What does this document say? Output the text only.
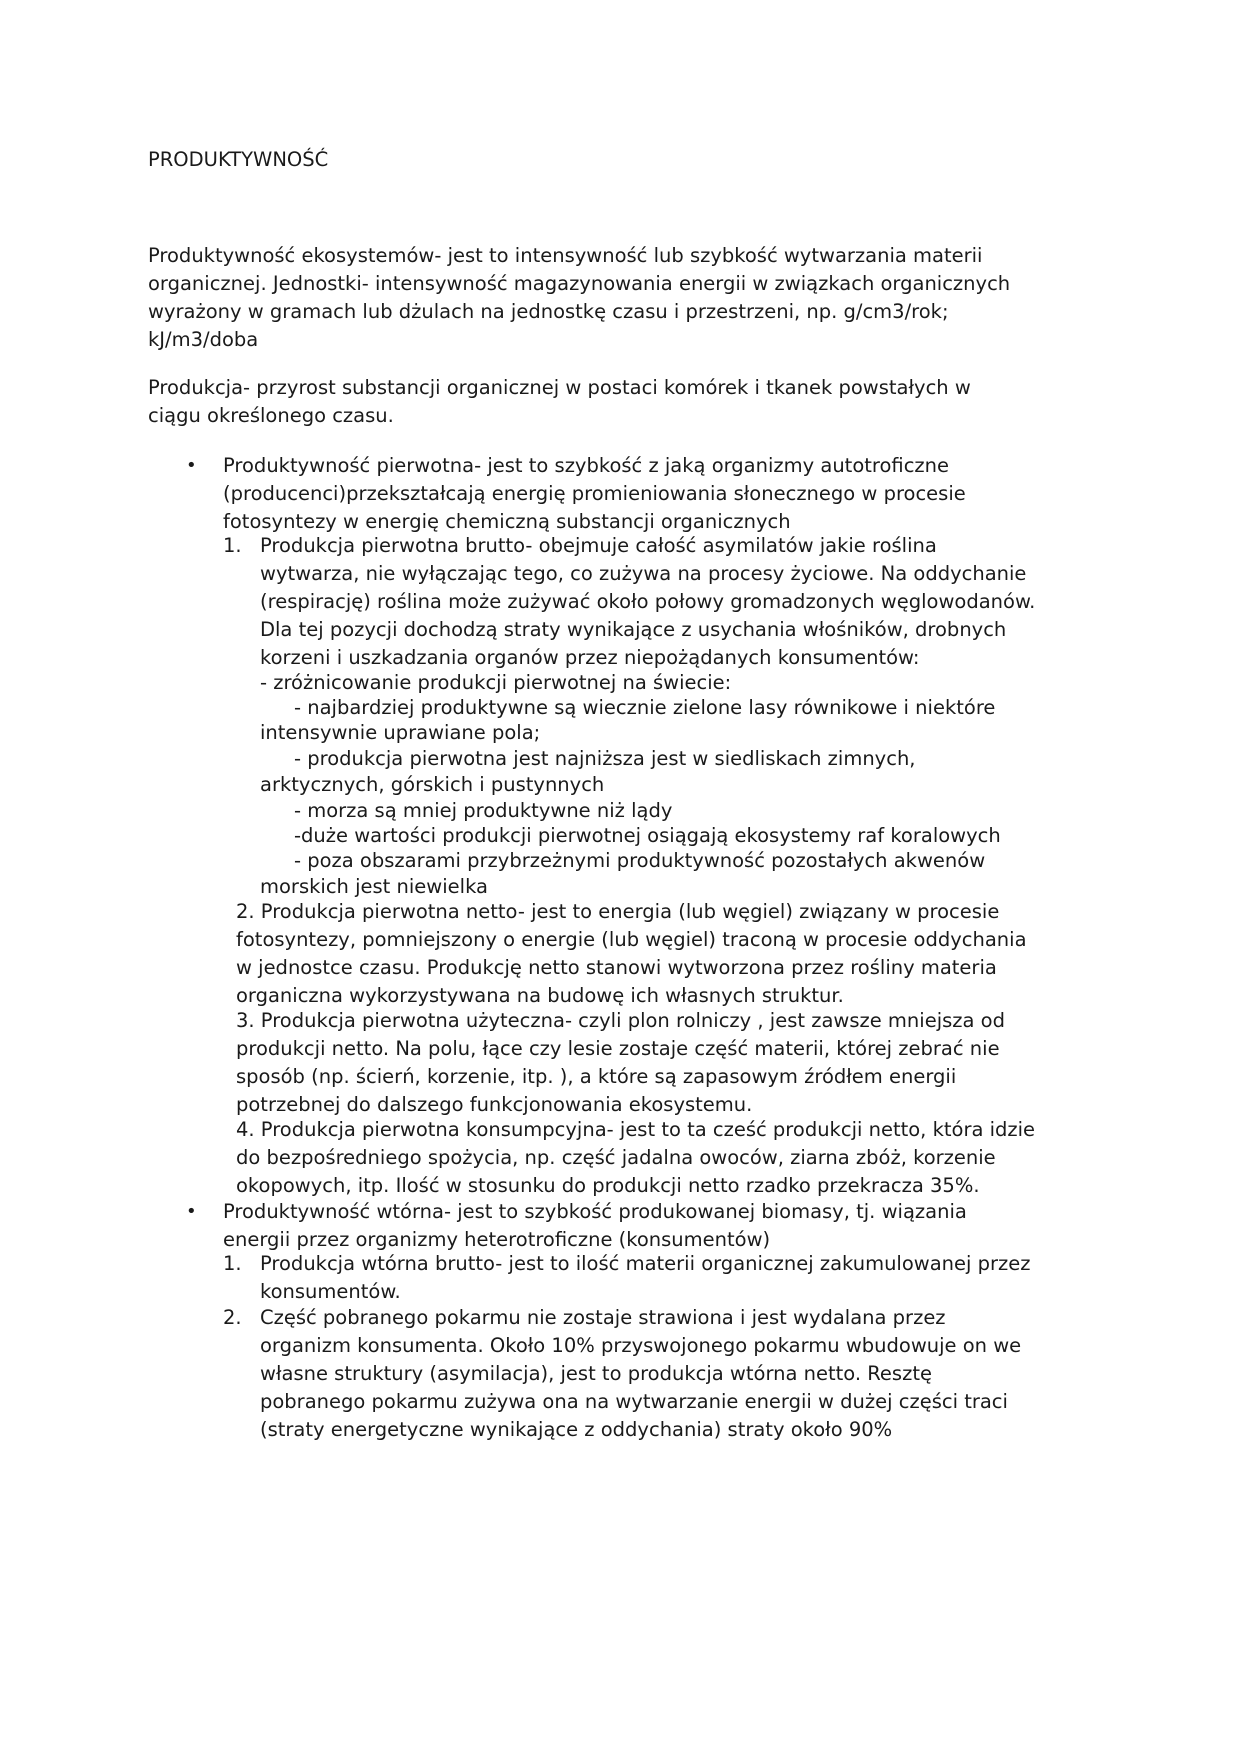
PRODUKTYWNOŚĆ
Produktywność ekosystemów- jest to intensywność lub szybkość wytwarzania materii
organicznej. Jednostki- intensywność magazynowania energii w związkach organicznych
wyrażony w gramach lub dżulach na jednostkę czasu i przestrzeni, np. g/cm3/rok;
kJ/m3/doba
Produkcja- przyrost substancji organicznej w postaci komórek i tkanek powstałych w
ciągu określonego czasu.
• Produktywność pierwotna- jest to szybkość z jaką organizmy autotroficzne
(producenci)przekształcają energię promieniowania słonecznego w procesie
fotosyntezy w energię chemiczną substancji organicznych
1. Produkcja pierwotna brutto- obejmuje całość asymilatów jakie roślina
wytwarza, nie wyłączając tego, co zużywa na procesy życiowe. Na oddychanie
(respirację) roślina może zużywać około połowy gromadzonych węglowodanów.
Dla tej pozycji dochodzą straty wynikające z usychania włośników, drobnych
korzeni i uszkadzania organów przez niepożądanych konsumentów:
- zróżnicowanie produkcji pierwotnej na świecie:
- najbardziej produktywne są wiecznie zielone lasy równikowe i niektóre
intensywnie uprawiane pola;
- produkcja pierwotna jest najniższa jest w siedliskach zimnych,
arktycznych, górskich i pustynnych
- morza są mniej produktywne niż lądy
-duże wartości produkcji pierwotnej osiągają ekosystemy raf koralowych
- poza obszarami przybrzeżnymi produktywność pozostałych akwenów
morskich jest niewielka
2. Produkcja pierwotna netto- jest to energia (lub węgiel) związany w procesie
fotosyntezy, pomniejszony o energie (lub węgiel) traconą w procesie oddychania
w jednostce czasu. Produkcję netto stanowi wytworzona przez rośliny materia
organiczna wykorzystywana na budowę ich własnych struktur.
3. Produkcja pierwotna użyteczna- czyli plon rolniczy , jest zawsze mniejsza od
produkcji netto. Na polu, łące czy lesie zostaje część materii, której zebrać nie
sposób (np. ścierń, korzenie, itp. ), a które są zapasowym źródłem energii
potrzebnej do dalszego funkcjonowania ekosystemu.
4. Produkcja pierwotna konsumpcyjna- jest to ta cześć produkcji netto, która idzie
do bezpośredniego spożycia, np. część jadalna owoców, ziarna zbóż, korzenie
okopowych, itp. Ilość w stosunku do produkcji netto rzadko przekracza 35%.
• Produktywność wtórna- jest to szybkość produkowanej biomasy, tj. wiązania
energii przez organizmy heterotroficzne (konsumentów)
1. Produkcja wtórna brutto- jest to ilość materii organicznej zakumulowanej przez
konsumentów.
2. Część pobranego pokarmu nie zostaje strawiona i jest wydalana przez
organizm konsumenta. Około 10% przyswojonego pokarmu wbudowuje on we
własne struktury (asymilacja), jest to produkcja wtórna netto. Resztę
pobranego pokarmu zużywa ona na wytwarzanie energii w dużej części traci
(straty energetyczne wynikające z oddychania) straty około 90%
